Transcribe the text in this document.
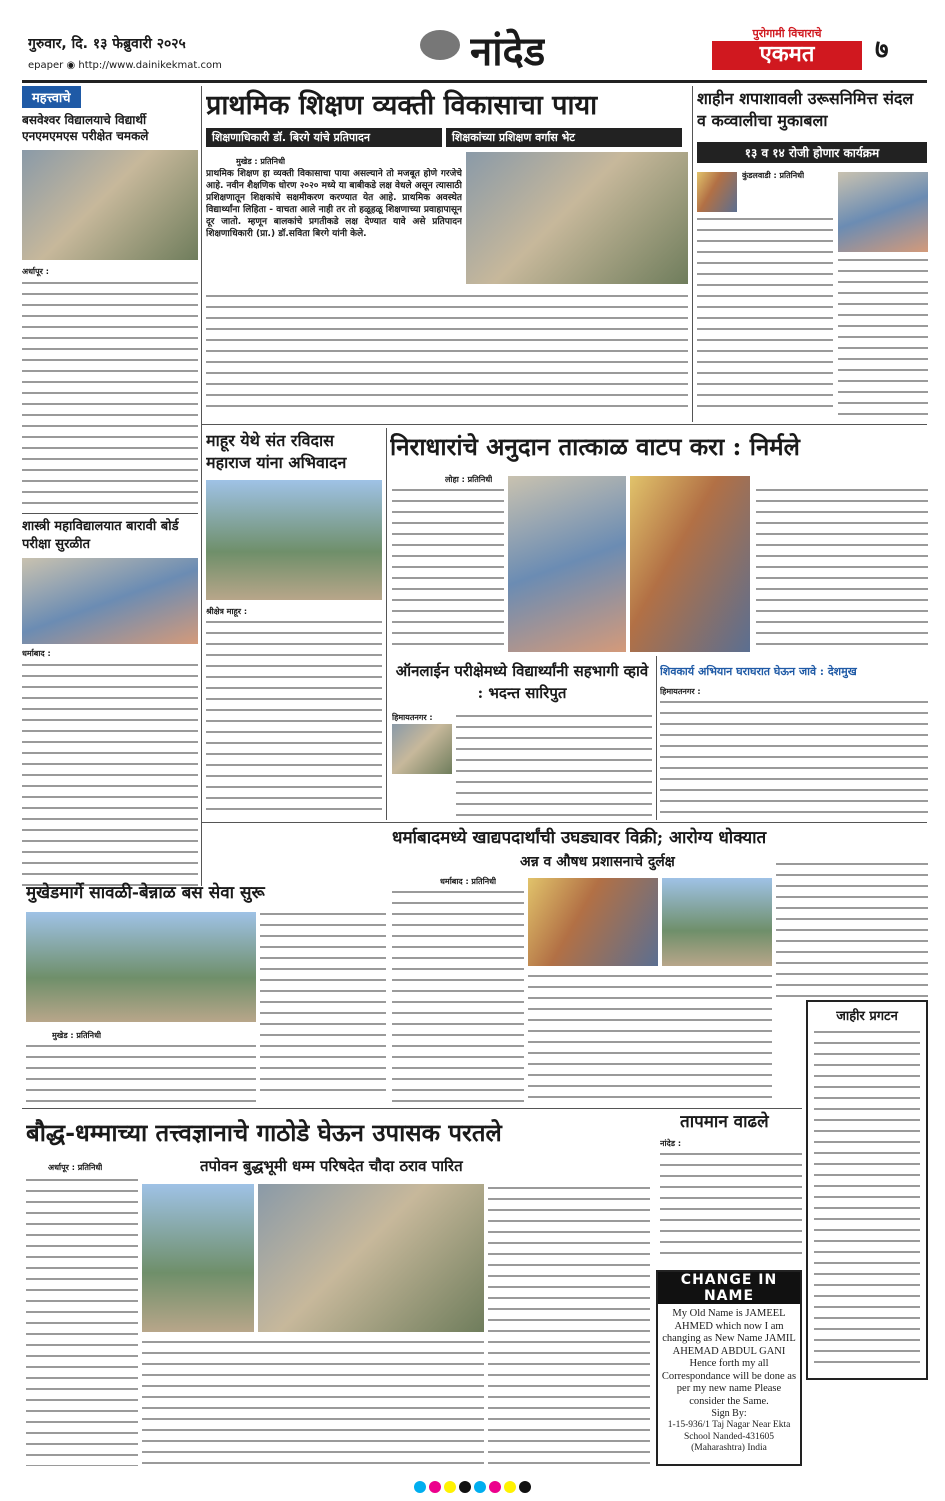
गुरुवार, दि. १३ फेब्रुवारी २०२५
epaper ◉ http://www.dainikekmat.com	नांदेड	पुरोगामी विचाराचे
एकमत	७
महत्त्वाचे
बसवेश्वर विद्यालयाचे विद्यार्थी एनएमएमएस परीक्षेत चमकले
अर्धापूर :
शास्त्री महाविद्यालयात बारावी बोर्ड परीक्षा सुरळीत
धर्माबाद :
प्राथमिक शिक्षण व्यक्ती विकासाचा पाया
शिक्षणाधिकारी डॉ. बिरगे यांचे प्रतिपादन	शिक्षकांच्या प्रशिक्षण वर्गास भेट
मुखेड : प्रतिनिधी
प्राथमिक शिक्षण हा व्यक्ती विकासाचा पाया असल्याने तो मजबूत होणे गरजेचे आहे. नवीन शैक्षणिक धोरण २०२० मध्ये या बाबीकडे लक्ष वेधले असून त्यासाठी प्रशिक्षणातून शिक्षकांचे सक्षमीकरण करण्यात येत आहे. प्राथमिक अवस्थेत विद्यार्थ्यांना लिहिता - वाचता आले नाही तर तो हळूहळू शिक्षणाच्या प्रवाहापासून दूर जातो. म्हणून बालकांचे प्रगतीकडे लक्ष देण्यात यावे असे प्रतिपादन शिक्षणाधिकारी (प्रा.) डॉ.सविता बिरगे यांनी केले.
शाहीन शपाशावली उरूसनिमित्त संदल व कव्वालीचा मुकाबला
१३ व १४ रोजी होणार कार्यक्रम
कुंडलवाडी : प्रतिनिधी
माहूर येथे संत रविदास महाराज यांना अभिवादन
श्रीक्षेत्र माहूर :
निराधारांचे अनुदान तात्काळ वाटप करा : निर्मले
लोहा : प्रतिनिधी
ऑनलाईन परीक्षेमध्ये विद्यार्थ्यांनी सहभागी व्हावे : भदन्त सारिपुत
हिमायतनगर :
शिवकार्य अभियान घराघरात घेऊन जावे : देशमुख
हिमायतनगर :
धर्माबादमध्ये खाद्यपदार्थांची उघड्यावर विक्री; आरोग्य धोक्यात
अन्न व औषध प्रशासनाचे दुर्लक्ष
धर्माबाद : प्रतिनिधी
मुखेडमार्गे सावळी-बेन्नाळ बस सेवा सुरू
मुखेड : प्रतिनिधी
जाहीर प्रगटन
बौद्ध-धम्माच्या तत्त्वज्ञानाचे गाठोडे घेऊन उपासक परतले
तपोवन बुद्धभूमी धम्म परिषदेत चौदा ठराव पारित
अर्धापूर : प्रतिनिधी
तापमान वाढले
नांदेड :
CHANGE IN NAME
My Old Name is JAMEEL AHMED which now I am changing as New Name JAMIL AHEMAD ABDUL GANI Hence forth my all Correspondance will be done as per my new name Please consider the Same.
Sign By:
1-15-936/1 Taj Nagar Near Ekta School Nanded-431605 (Maharashtra) India
